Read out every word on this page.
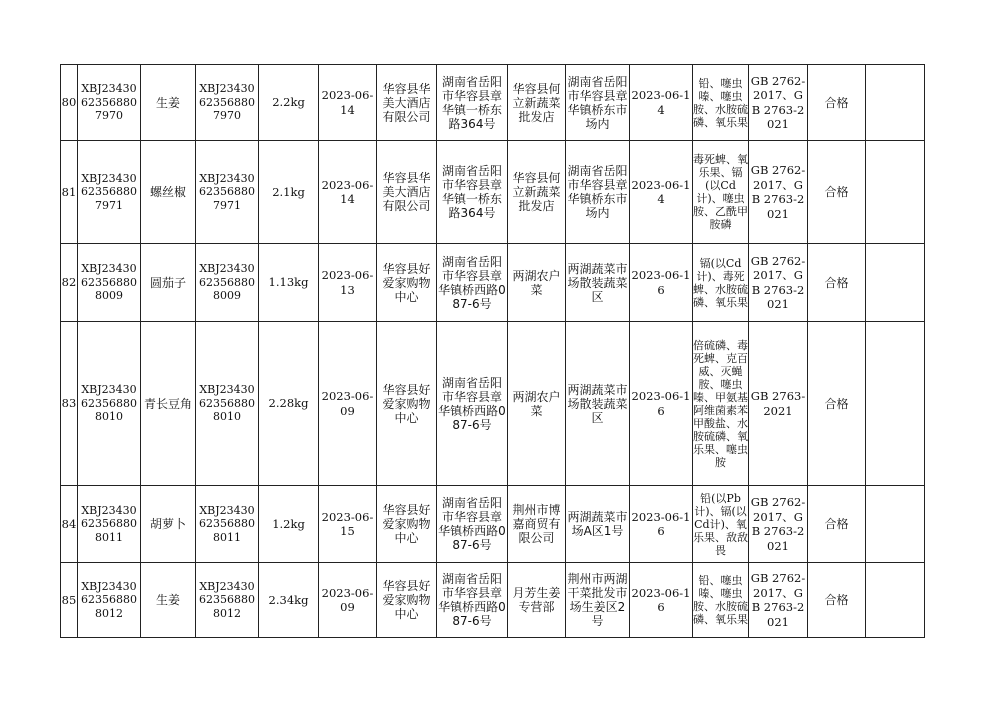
80	XBJ23430623568807970	生姜	XBJ23430623568807970	2.2kg	2023-06-14	华容县华美大酒店有限公司	湖南省岳阳市华容县章华镇一桥东路364号	华容县何立新蔬菜批发店	湖南省岳阳市华容县章华镇桥东市场内	2023-06-14	铅、噻虫嗪、噻虫胺、水胺硫磷、氧乐果	GB 2762-2017、GB 2763-2021	合格	
81	XBJ23430623568807971	螺丝椒	XBJ23430623568807971	2.1kg	2023-06-14	华容县华美大酒店有限公司	湖南省岳阳市华容县章华镇一桥东路364号	华容县何立新蔬菜批发店	湖南省岳阳市华容县章华镇桥东市场内	2023-06-14	毒死蜱、氧乐果、镉(以Cd计)、噻虫胺、乙酰甲胺磷	GB 2762-2017、GB 2763-2021	合格	
82	XBJ23430623568808009	圆茄子	XBJ23430623568808009	1.13kg	2023-06-13	华容县好爱家购物中心	湖南省岳阳市华容县章华镇桥西路087-6号	两湖农户菜	两湖蔬菜市场散装蔬菜区	2023-06-16	镉(以Cd计)、毒死蜱、水胺硫磷、氧乐果	GB 2762-2017、GB 2763-2021	合格	
83	XBJ23430623568808010	青长豆角	XBJ23430623568808010	2.28kg	2023-06-09	华容县好爱家购物中心	湖南省岳阳市华容县章华镇桥西路087-6号	两湖农户菜	两湖蔬菜市场散装蔬菜区	2023-06-16	倍硫磷、毒死蜱、克百威、灭蝇胺、噻虫嗪、甲氨基阿维菌素苯甲酸盐、水胺硫磷、氧乐果、噻虫胺	GB 2763-2021	合格	
84	XBJ23430623568808011	胡萝卜	XBJ23430623568808011	1.2kg	2023-06-15	华容县好爱家购物中心	湖南省岳阳市华容县章华镇桥西路087-6号	荆州市博嘉商贸有限公司	两湖蔬菜市场A区1号	2023-06-16	铅(以Pb计)、镉(以Cd计)、氧乐果、敌敌畏	GB 2762-2017、GB 2763-2021	合格	
85	XBJ23430623568808012	生姜	XBJ23430623568808012	2.34kg	2023-06-09	华容县好爱家购物中心	湖南省岳阳市华容县章华镇桥西路087-6号	月芳生姜专营部	荆州市两湖干菜批发市场生姜区2号	2023-06-16	铅、噻虫嗪、噻虫胺、水胺硫磷、氧乐果	GB 2762-2017、GB 2763-2021	合格	
